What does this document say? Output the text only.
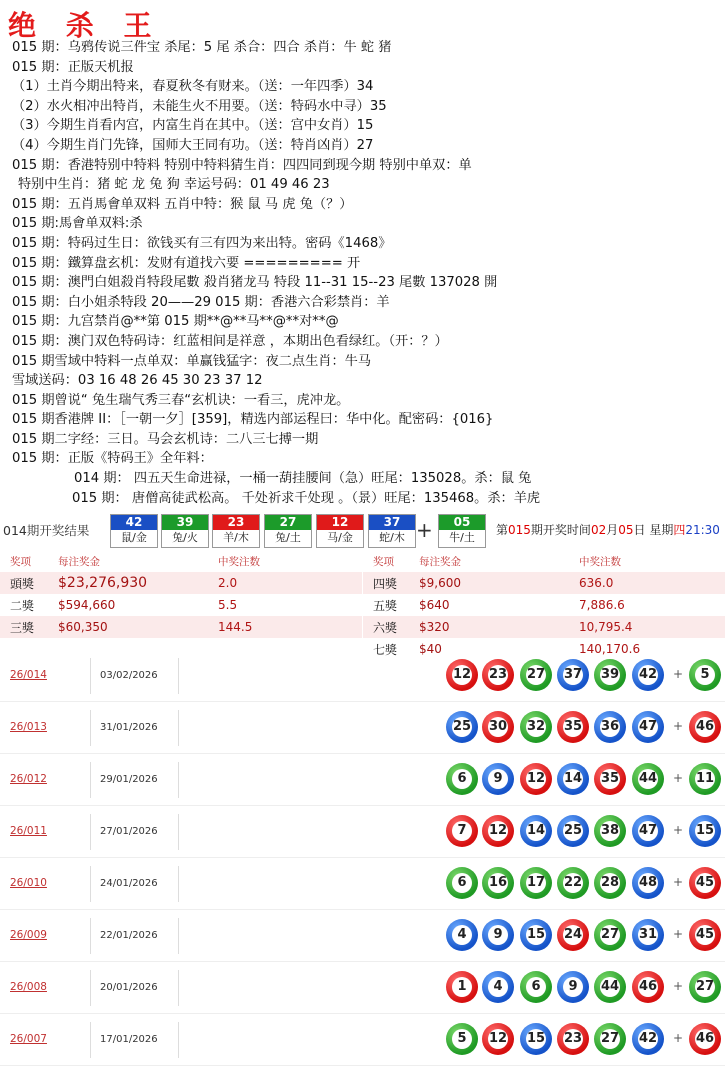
绝 杀 王
015 期：乌鸦传说三件宝 杀尾：5 尾 杀合：四合 杀肖：牛 蛇 猪
015 期：正版天机报
（1）土肖今期出特来，春夏秋冬有财来。（送：一年四季）34
（2）水火相冲出特肖，未能生火不用要。（送：特码水中寻）35
（3）今期生肖看内宫，内富生肖在其中。（送：宫中女肖）15
（4）今期生肖门先锋，国师大王同有功。（送：特肖凶肖）27
015 期：香港特别中特料 特别中特料猜生肖：四四同到现今期 特别中单双：单
特别中生肖：猪 蛇 龙 兔 狗 幸运号码：01 49 46 23
015 期：五肖馬會单双料 五肖中特：猴 鼠 马 虎 兔（？）
015 期:馬會单双料:杀
015 期：特码过生日：欲钱买有三有四为来出特。密码《1468》
015 期：鐵算盘玄机：发财有道找六要 ========= 开
015 期：澳門白姐殺肖特段尾數 殺肖猪龙马 特段 11--31 15--23 尾數 137028 開
015 期：白小姐杀特段 20——29 015 期：香港六合彩禁肖：羊
015 期：九宫禁肖@**第 015 期**@**马**@**对**@
015 期：澳门双色特码诗：红蓝相间是祥意 ，本期出色看绿红。（开：？）
015 期雪域中特料一点单双：单赢钱猛字：夜二点生肖：牛马
雪域送码：03 16 48 26 45 30 23 37 12
015 期曾说“ 兔生瑞气秀三春“玄机诀：一看三，虎冲龙。
015 期香港牌 II：［一朝一夕］[359]，精选内部运程曰：华中化。配密码：{016}
015 期二字经：三日。马会玄机诗：二八三七搏一期
015 期：正版《特码王》全年料：
014 期： 四五天生命进禄，一桶一葫挂腰间（急）旺尾：135028。杀：鼠 兔
015 期： 唐僧高徒武松高。 千处祈求千处现 。（景）旺尾：135468。杀：羊虎
014期开奖结果
42
鼠/金
39
兔/火
23
羊/木
27
兔/土
12
马/金
37
蛇/木 +	05
牛/土
第015期开奖时间02月05日 星期四21:30
奖项	每注奖金	中奖注数
頭獎	$23,276,930	2.0
二獎	$594,660	5.5
三獎	$60,350	144.5
奖项	每注奖金	中奖注数
四獎	$9,600	636.0
五獎	$640	7,886.6
六獎	$320	10,795.4
七獎	$40	140,170.6
26/014	03/02/2026	12 23 27 37 39 42 +	5
26/013	31/01/2026	25 30 32 35 36 47 + 46
26/012	29/01/2026	6	9	12 14 35 44 + 11
26/011	27/01/2026	7	12 14 25 38 47 + 15
26/010	24/01/2026	6	16 17 22 28 48 + 45
26/009	22/01/2026	4	9	15 24 27 31 + 45
26/008	20/01/2026	1	4	6	9	44 46 + 27
26/007	17/01/2026	5	12 15 23 27 42 + 46
